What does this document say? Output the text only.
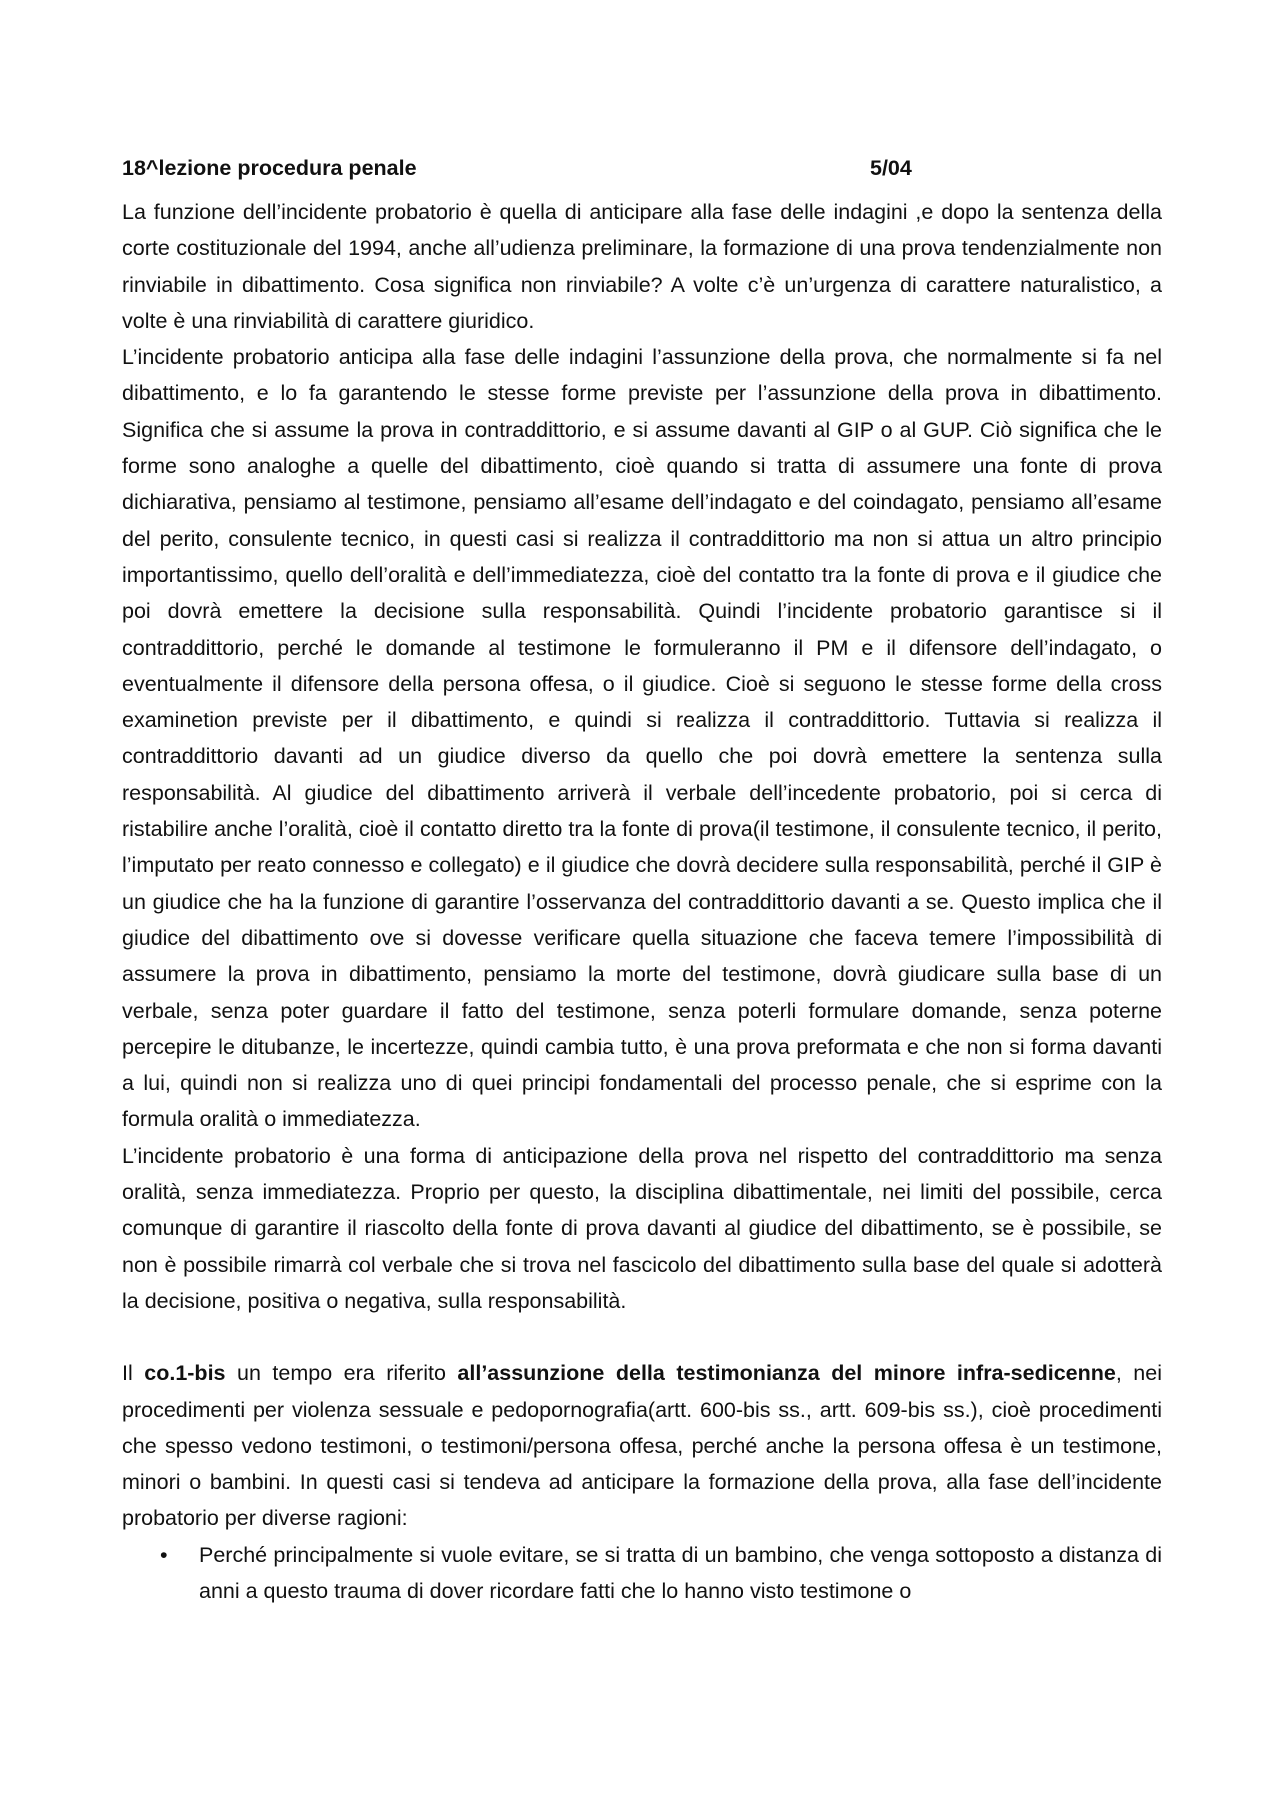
18^lezione procedura penale	5/04

La funzione dell’incidente probatorio è quella di anticipare alla fase delle indagini ,e dopo la sentenza della corte costituzionale del 1994, anche all’udienza preliminare, la formazione di una prova tendenzialmente non rinviabile in dibattimento. Cosa significa non rinviabile? A volte c’è un’urgenza di carattere naturalistico, a volte è una rinviabilità di carattere giuridico.

L’incidente probatorio anticipa alla fase delle indagini l’assunzione della prova, che normalmente si fa nel dibattimento, e lo fa garantendo le stesse forme previste per l’assunzione della prova in dibattimento. Significa che si assume la prova in contraddittorio, e si assume davanti al GIP o al GUP. Ciò significa che le forme sono analoghe a quelle del dibattimento, cioè quando si tratta di assumere una fonte di prova dichiarativa, pensiamo al testimone, pensiamo all’esame dell’indagato e del coindagato, pensiamo all’esame del perito, consulente tecnico, in questi casi si realizza il contraddittorio ma non si attua un altro principio importantissimo, quello dell’oralità e dell’immediatezza, cioè del contatto tra la fonte di prova e il giudice che poi dovrà emettere la decisione sulla responsabilità. Quindi l’incidente probatorio garantisce si il contraddittorio, perché le domande al testimone le formuleranno il PM e il difensore dell’indagato, o eventualmente il difensore della persona offesa, o il giudice. Cioè si seguono le stesse forme della cross examinetion previste per il dibattimento, e quindi si realizza il contraddittorio. Tuttavia si realizza il contraddittorio davanti ad un giudice diverso da quello che poi dovrà emettere la sentenza sulla responsabilità. Al giudice del dibattimento arriverà il verbale dell’incedente probatorio, poi si cerca di ristabilire anche l’oralità, cioè il contatto diretto tra la fonte di prova(il testimone, il consulente tecnico, il perito, l’imputato per reato connesso e collegato) e il giudice che dovrà decidere sulla responsabilità, perché il GIP è un giudice che ha la funzione di garantire l’osservanza del contraddittorio davanti a se. Questo implica che il giudice del dibattimento ove si dovesse verificare quella situazione che faceva temere l’impossibilità di assumere la prova in dibattimento, pensiamo la morte del testimone, dovrà giudicare sulla base di un verbale, senza poter guardare il fatto del testimone, senza poterli formulare domande, senza poterne percepire le ditubanze, le incertezze, quindi cambia tutto, è una prova preformata e che non si forma davanti a lui, quindi non si realizza uno di quei principi fondamentali del processo penale, che si esprime con la formula oralità o immediatezza.

L’incidente probatorio è una forma di anticipazione della prova nel rispetto del contraddittorio ma senza oralità, senza immediatezza. Proprio per questo, la disciplina dibattimentale, nei limiti del possibile, cerca comunque di garantire il riascolto della fonte di prova davanti al giudice del dibattimento, se è possibile, se non è possibile rimarrà col verbale che si trova nel fascicolo del dibattimento sulla base del quale si adotterà la decisione, positiva o negativa, sulla responsabilità.

Il co.1-bis un tempo era riferito all’assunzione della testimonianza del minore infra-sedicenne, nei procedimenti per violenza sessuale e pedopornografia(artt. 600-bis ss., artt. 609-bis ss.), cioè procedimenti che spesso vedono testimoni, o testimoni/persona offesa, perché anche la persona offesa è un testimone, minori o bambini. In questi casi si tendeva ad anticipare la formazione della prova, alla fase dell’incidente probatorio per diverse ragioni:

• Perché principalmente si vuole evitare, se si tratta di un bambino, che venga sottoposto a distanza di anni a questo trauma di dover ricordare fatti che lo hanno visto testimone o
